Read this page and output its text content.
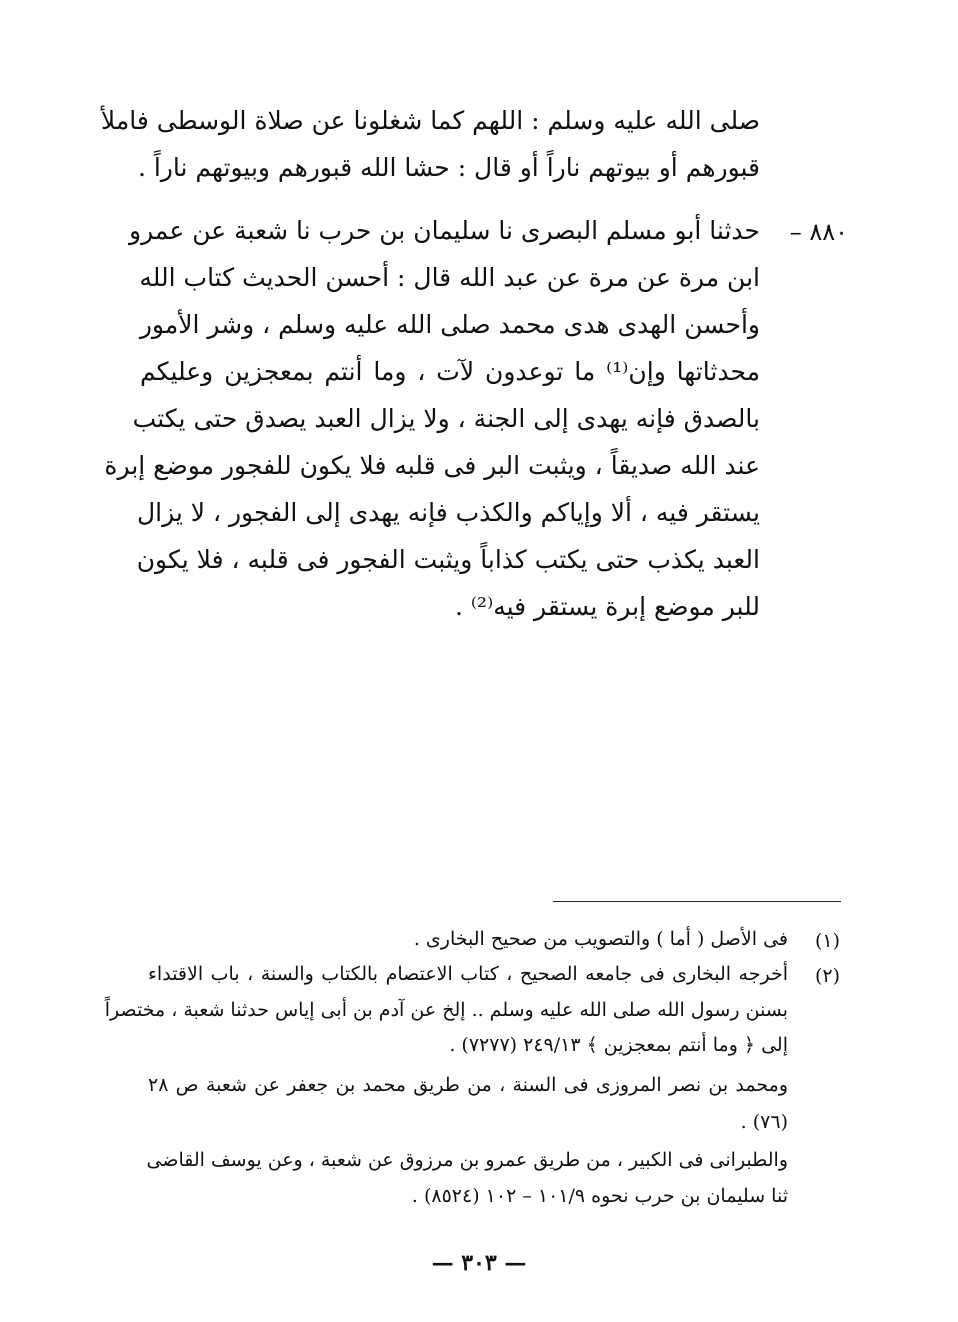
صلى الله عليه وسلم : اللهم كما شغلونا عن صلاة الوسطى فاملأ
قبورهم أو بيوتهم ناراً أو قال : حشا الله قبورهم وبيوتهم ناراً .
٨٨٠ –
حدثنا أبو مسلم البصرى نا سليمان بن حرب نا شعبة عن عمرو
ابن مرة عن مرة عن عبد الله قال : أحسن الحديث كتاب الله
وأحسن الهدى هدى محمد صلى الله عليه وسلم ، وشر الأمور
محدثاتها وإن⁽¹⁾ ما توعدون لآت ، وما أنتم بمعجزين وعليكم
بالصدق فإنه يهدى إلى الجنة ، ولا يزال العبد يصدق حتى يكتب
عند الله صديقاً ، ويثبت البر فى قلبه فلا يكون للفجور موضع إبرة
يستقر فيه ، ألا وإياكم والكذب فإنه يهدى إلى الفجور ، لا يزال
العبد يكذب حتى يكتب كذاباً ويثبت الفجور فى قلبه ، فلا يكون
للبر موضع إبرة يستقر فيه⁽²⁾ .
(١)
فى الأصل ( أما ) والتصويب من صحيح البخارى .
(٢)
أخرجه البخارى فى جامعه الصحيح ، كتاب الاعتصام بالكتاب والسنة ، باب الاقتداء
بسنن رسول الله صلى الله عليه وسلم .. إلخ عن آدم بن أبى إياس حدثنا شعبة ، مختصراً
إلى ﴿ وما أنتم بمعجزين ﴾ ٢٤٩/١٣ (٧٢٧٧) .
ومحمد بن نصر المروزى فى السنة ، من طريق محمد بن جعفر عن شعبة ص ٢٨
(٧٦) .
والطبرانى فى الكبير ، من طريق عمرو بن مرزوق عن شعبة ، وعن يوسف القاضى
ثنا سليمان بن حرب نحوه ١٠١/٩ – ١٠٢ (٨٥٢٤) .
— ٣٠٣ —
